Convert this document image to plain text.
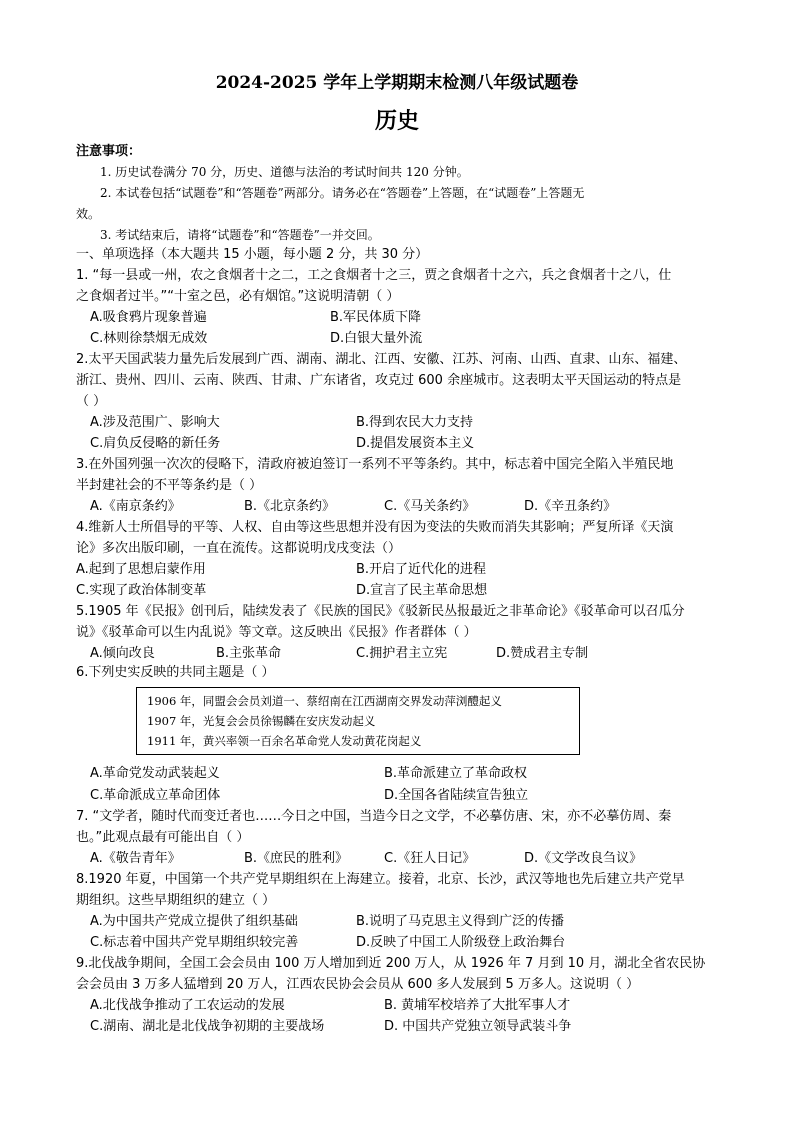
2024-2025 学年上学期期末检测八年级试题卷
历史
注意事项：
1. 历史试卷满分 70 分，历史、道德与法治的考试时间共 120 分钟。
2. 本试卷包括“试题卷”和“答题卷”两部分。请务必在“答题卷”上答题，在“试题卷”上答题无
效。
3. 考试结束后，请将“试题卷”和“答题卷”一并交回。
一、单项选择（本大题共 15 小题，每小题 2 分，共 30 分）
1. “每一县或一州，农之食烟者十之二，工之食烟者十之三，贾之食烟者十之六，兵之食烟者十之八，仕
之食烟者过半。”“十室之邑，必有烟馆。”这说明清朝（ ）
A.吸食鸦片现象普遍	B.军民体质下降
C.林则徐禁烟无成效	D.白银大量外流
2.太平天国武装力量先后发展到广西、湖南、湖北、江西、安徽、江苏、河南、山西、直隶、山东、福建、
浙江、贵州、四川、云南、陕西、甘肃、广东诸省，攻克过 600 余座城市。这表明太平天国运动的特点是
（ ）
A.涉及范围广、影响大	B.得到农民大力支持
C.肩负反侵略的新任务	D.提倡发展资本主义
3.在外国列强一次次的侵略下，清政府被迫签订一系列不平等条约。其中，标志着中国完全陷入半殖民地
半封建社会的不平等条约是（ ）
A.《南京条约》	B.《北京条约》	C.《马关条约》	D.《辛丑条约》
4.维新人士所倡导的平等、人权、自由等这些思想并没有因为变法的失败而消失其影响；严复所译《天演
论》多次出版印刷，一直在流传。这都说明戊戌变法（）
A.起到了思想启蒙作用	B.开启了近代化的进程
C.实现了政治体制变革	D.宣言了民主革命思想
5.1905 年《民报》创刊后，陆续发表了《民族的国民》《驳新民丛报最近之非革命论》《驳革命可以召瓜分
说》《驳革命可以生内乱说》等文章。这反映出《民报》作者群体（ ）
A.倾向改良	B.主张革命	C.拥护君主立宪	D.赞成君主专制
6.下列史实反映的共同主题是（ ）
1906 年，同盟会会员刘道一、蔡绍南在江西湖南交界发动萍浏醴起义
1907 年，光复会会员徐锡麟在安庆发动起义
1911 年，黄兴率领一百余名革命党人发动黄花岗起义
A.革命党发动武装起义	B.革命派建立了革命政权
C.革命派成立革命团体	D.全国各省陆续宣告独立
7. “文学者，随时代而变迁者也……今日之中国，当造今日之文学，不必摹仿唐、宋，亦不必摹仿周、秦
也。”此观点最有可能出自（ ）
A.《敬告青年》	B.《庶民的胜利》	C.《狂人日记》	D.《文学改良刍议》
8.1920 年夏，中国第一个共产党早期组织在上海建立。接着，北京、长沙，武汉等地也先后建立共产党早
期组织。这些早期组织的建立（ ）
A.为中国共产党成立提供了组织基础	B.说明了马克思主义得到广泛的传播
C.标志着中国共产党早期组织较完善	D.反映了中国工人阶级登上政治舞台
9.北伐战争期间，全国工会会员由 100 万人增加到近 200 万人，从 1926 年 7 月到 10 月，湖北全省农民协
会会员由 3 万多人猛增到 20 万人，江西农民协会会员从 600 多人发展到 5 万多人。这说明（ ）
A.北伐战争推动了工农运动的发展	B. 黄埔军校培养了大批军事人才
C.湖南、湖北是北伐战争初期的主要战场	D. 中国共产党独立领导武装斗争
